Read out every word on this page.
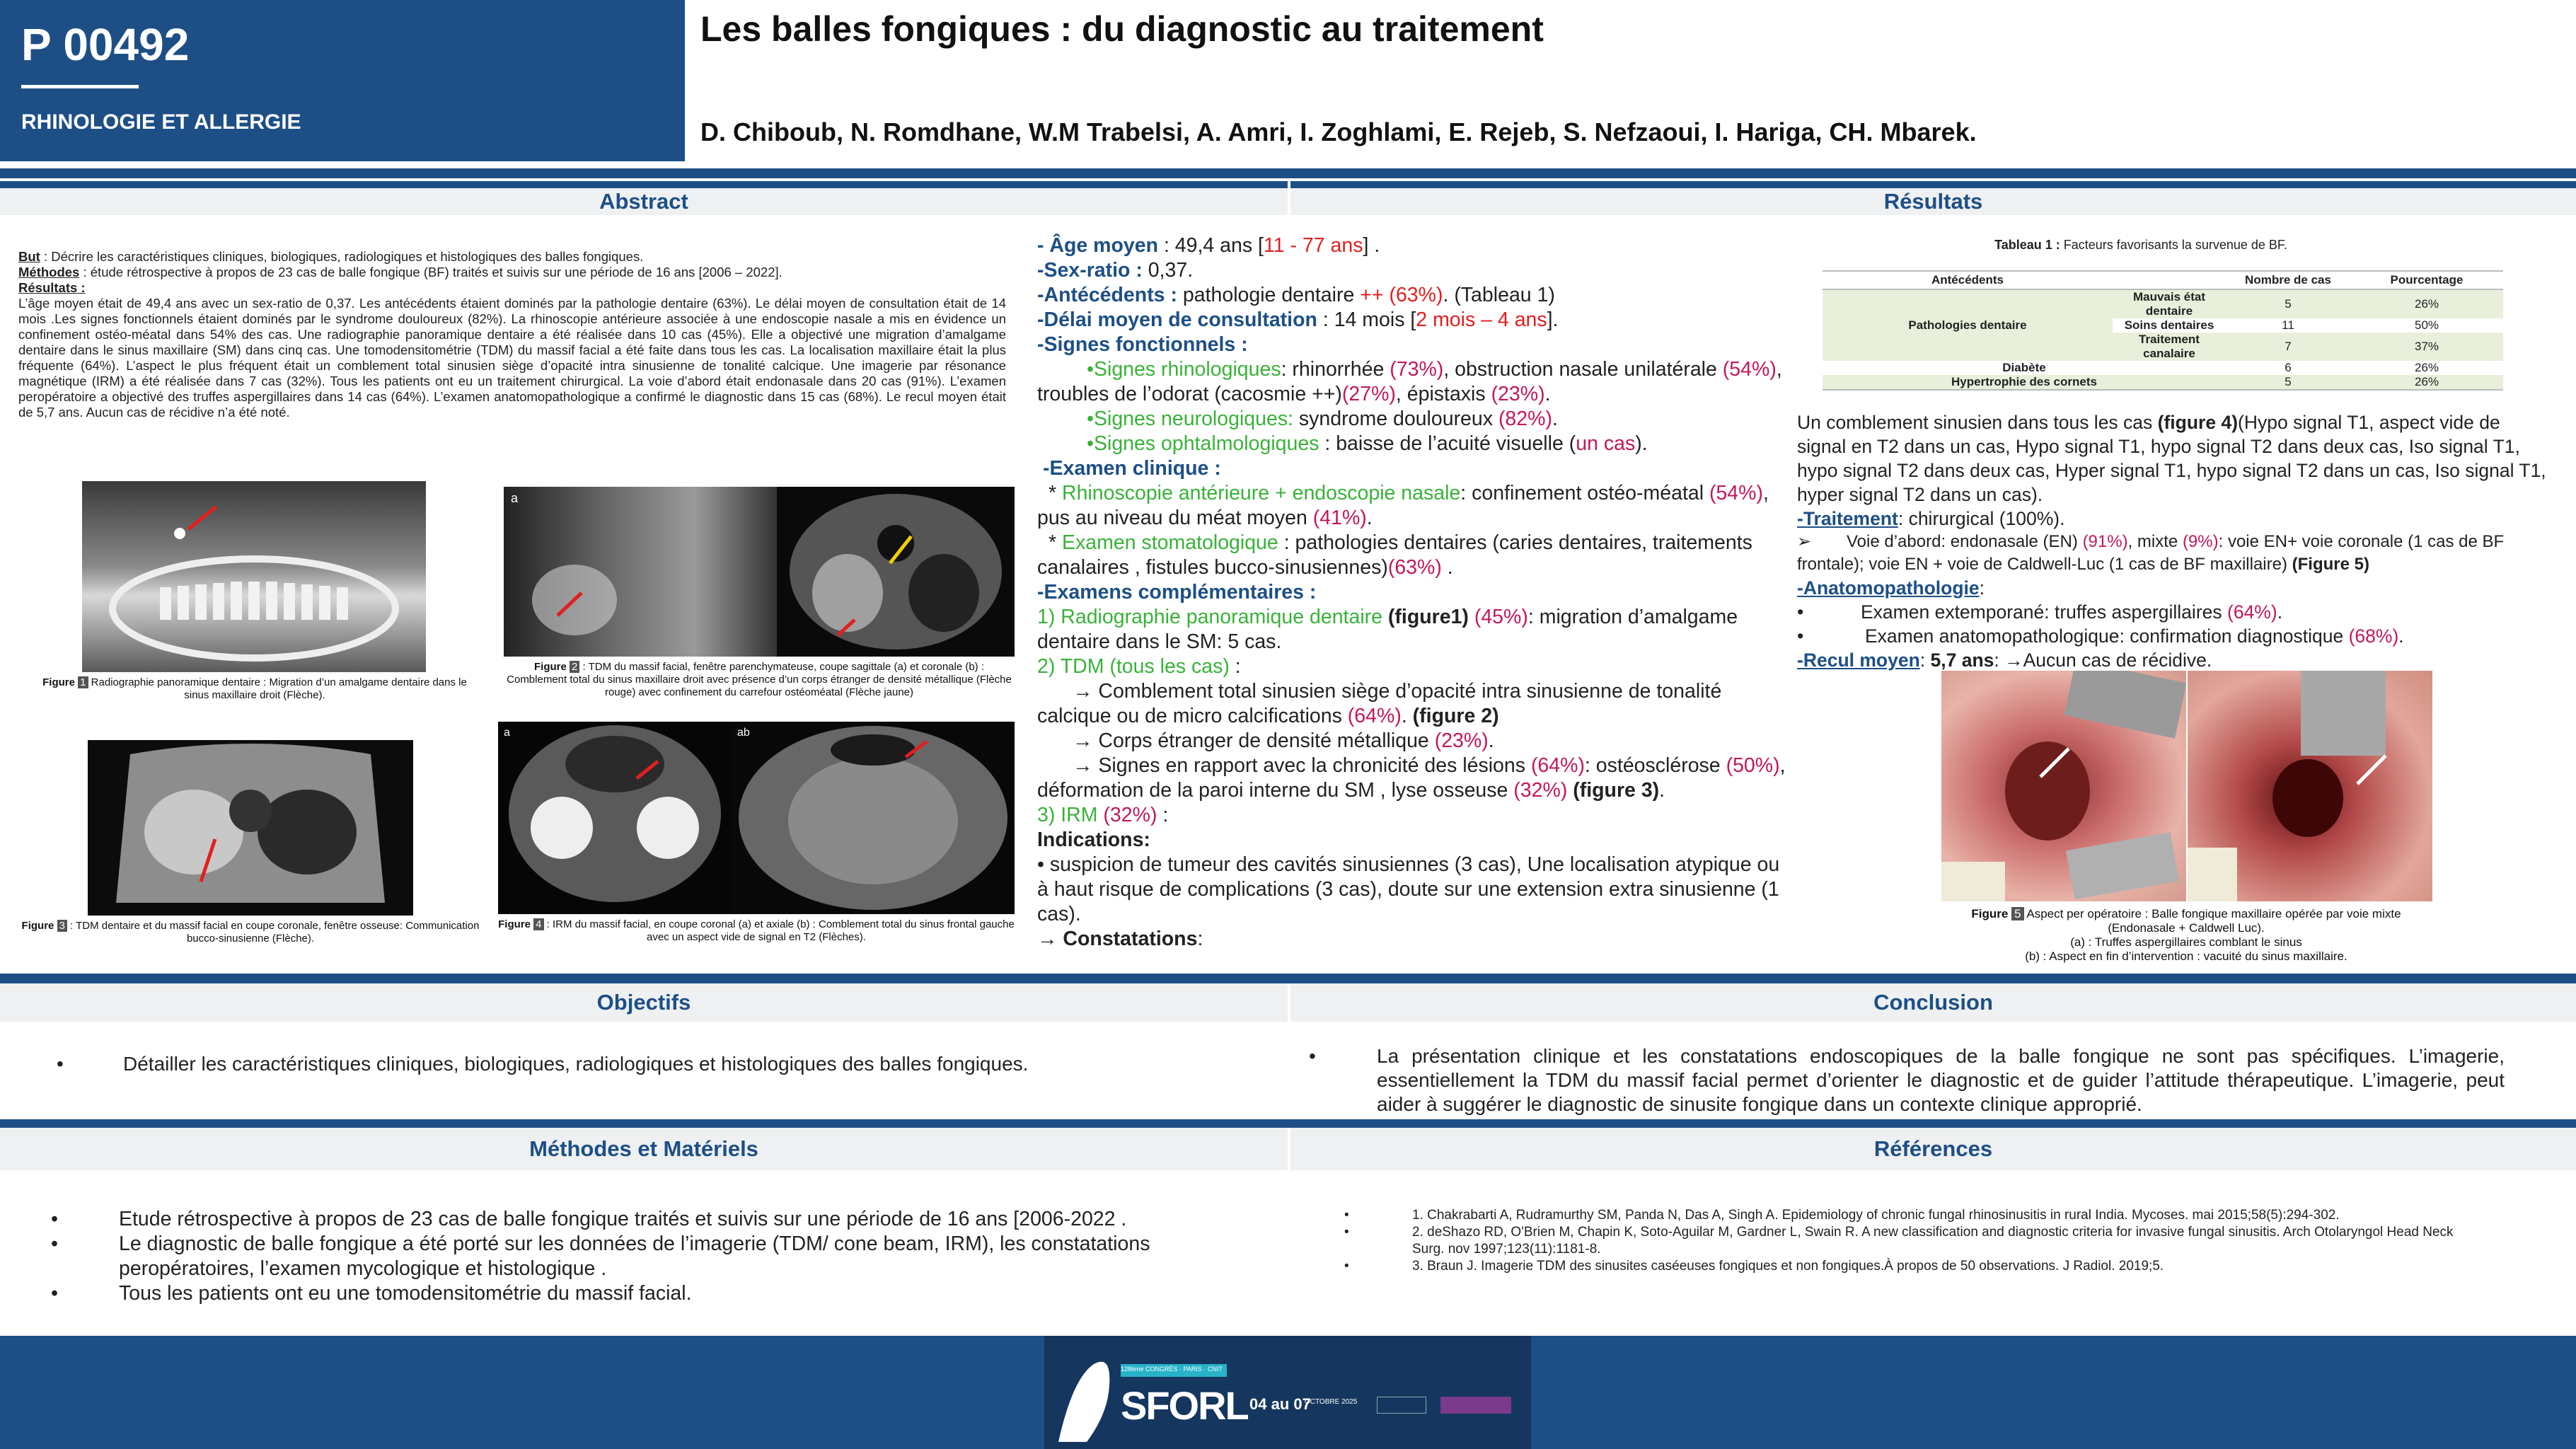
P 00492
RHINOLOGIE ET ALLERGIE
Les balles fongiques : du diagnostic au traitement
D. Chiboub, N. Romdhane, W.M Trabelsi, A. Amri, I. Zoghlami, E. Rejeb, S. Nefzaoui, I. Hariga, CH. Mbarek.
Abstract	Résultats
But : Décrire les caractéristiques cliniques, biologiques, radiologiques et histologiques des balles fongiques.
Méthodes : étude rétrospective à propos de 23 cas de balle fongique (BF) traités et suivis sur une période de 16 ans [2006 – 2022].
Résultats :
L’âge moyen était de 49,4 ans avec un sex-ratio de 0,37. Les antécédents étaient dominés par la pathologie dentaire (63%). Le délai moyen de consultation était de 14 mois .Les signes fonctionnels étaient dominés par le syndrome douloureux (82%). La rhinoscopie antérieure associée à une endoscopie nasale a mis en évidence un confinement ostéo-méatal dans 54% des cas. Une radiographie panoramique dentaire a été réalisée dans 10 cas (45%). Elle a objectivé une migration d’amalgame dentaire dans le sinus maxillaire (SM) dans cinq cas. Une tomodensitométrie (TDM) du massif facial a été faite dans tous les cas. La localisation maxillaire était la plus fréquente (64%). L’aspect le plus fréquent était un comblement total sinusien siège d’opacité intra sinusienne de tonalité calcique. Une imagerie par résonance magnétique (IRM) a été réalisée dans 7 cas (32%). Tous les patients ont eu un traitement chirurgical. La voie d’abord était endonasale dans 20 cas (91%). L’examen peropératoire a objectivé des truffes aspergillaires dans 14 cas (64%). L’examen anatomopathologique a confirmé le diagnostic dans 15 cas (68%). Le recul moyen était de 5,7 ans. Aucun cas de récidive n’a été noté.
Figure 1 Radiographie panoramique dentaire : Migration d’un amalgame dentaire dans le sinus maxillaire droit (Flèche).
a
Figure 2 : TDM du massif facial, fenêtre parenchymateuse, coupe sagittale (a) et coronale (b) : Comblement total du sinus maxillaire droit avec présence d’un corps étranger de densité métallique (Flèche rouge) avec confinement du carrefour ostéoméatal (Flèche jaune)
Figure 3 : TDM dentaire et du massif facial en coupe coronale, fenêtre osseuse: Communication bucco-sinusienne (Flèche).
a	ab
Figure 4 : IRM du massif facial, en coupe coronal (a) et axiale (b) : Comblement total du sinus frontal gauche avec un aspect vide de signal en T2 (Flèches).

- Âge moyen : 49,4 ans [11 - 77 ans] .

-Sex-ratio : 0,37.

-Antécédents : pathologie dentaire ++ (63%). (Tableau 1)

-Délai moyen de consultation : 14 mois [2 mois – 4 ans].

-Signes fonctionnels :

•Signes rhinologiques: rhinorrhée (73%), obstruction nasale unilatérale (54%), troubles de l’odorat (cacosmie ++)(27%), épistaxis (23%).

•Signes neurologiques: syndrome douloureux (82%).

•Signes ophtalmologiques : baisse de l’acuité visuelle (un cas).

-Examen clinique :

* Rhinoscopie antérieure + endoscopie nasale: confinement ostéo-méatal (54%), pus au niveau du méat moyen (41%).

* Examen stomatologique : pathologies dentaires (caries dentaires, traitements canalaires , fistules bucco-sinusiennes)(63%) .

-Examens complémentaires :

1) Radiographie panoramique dentaire (figure1) (45%): migration d’amalgame dentaire dans le SM: 5 cas.

2) TDM (tous les cas) :

→ Comblement total sinusien siège d’opacité intra sinusienne de tonalité calcique ou de micro calcifications (64%). (figure 2)

→ Corps étranger de densité métallique (23%).

→ Signes en rapport avec la chronicité des lésions (64%): ostéosclérose (50%), déformation de la paroi interne du SM , lyse osseuse (32%) (figure 3).

3) IRM (32%) :

Indications:

• suspicion de tumeur des cavités sinusiennes (3 cas), Une localisation atypique ou à haut risque de complications (3 cas), doute sur une extension extra sinusienne (1 cas).

→ Constatations:

Tableau 1 : Facteurs favorisants la survenue de BF.
Antécédents		Nombre de cas	Pourcentage
Pathologies dentaire	Mauvais état dentaire	5	26%
	Soins dentaires	11	50%
	Traitement canalaire	7	37%
Diabète		6	26%
Hypertrophie des cornets		5	26%

Un comblement sinusien dans tous les cas (figure 4)(Hypo signal T1, aspect vide de signal en T2 dans un cas, Hypo signal T1, hypo signal T2 dans deux cas, Iso signal T1, hypo signal T2 dans deux cas, Hyper signal T1, hypo signal T2 dans un cas, Iso signal T1, hyper signal T2 dans un cas).

-Traitement: chirurgical (100%).

➢ Voie d’abord: endonasale (EN) (91%), mixte (9%): voie EN+ voie coronale (1 cas de BF frontale); voie EN + voie de Caldwell-Luc (1 cas de BF maxillaire) (Figure 5)

-Anatomopathologie:

•	Examen extemporané: truffes aspergillaires (64%).

•	Examen anatomopathologique: confirmation diagnostique (68%).

-Recul moyen: 5,7 ans: →Aucun cas de récidive.

Figure 5 Aspect per opératoire : Balle fongique maxillaire opérée par voie mixte
(Endonasale + Caldwell Luc).
(a) : Truffes aspergillaires comblant le sinus
(b) : Aspect en fin d’intervention : vacuité du sinus maxillaire.
Objectifs	Conclusion
•	Détailler les caractéristiques cliniques, biologiques, radiologiques et histologiques des balles fongiques.	•	La présentation clinique et les constatations endoscopiques de la balle fongique ne sont pas spécifiques. L’imagerie, essentiellement la TDM du massif facial permet d’orienter le diagnostic et de guider l’attitude thérapeutique. L’imagerie, peut aider à suggérer le diagnostic de sinusite fongique dans un contexte clinique approprié.
Méthodes et Matériels	Références
•	Etude rétrospective à propos de 23 cas de balle fongique traités et suivis sur une période de 16 ans [2006-2022 .
•	Le diagnostic de balle fongique a été porté sur les données de l’imagerie (TDM/ cone beam, IRM), les constatations peropératoires, l’examen mycologique et histologique .
•	Tous les patients ont eu une tomodensitométrie du massif facial.
•	1. Chakrabarti A, Rudramurthy SM, Panda N, Das A, Singh A. Epidemiology of chronic fungal rhinosinusitis in rural India. Mycoses. mai 2015;58(5):294-302.
•	2. deShazo RD, O'Brien M, Chapin K, Soto-Aguilar M, Gardner L, Swain R. A new classification and diagnostic criteria for invasive fungal sinusitis. Arch Otolaryngol Head Neck Surg. nov 1997;123(11):1181-8.
•	3. Braun J. Imagerie TDM des sinusites caséeuses fongiques et non fongiques.À propos de 50 observations. J Radiol. 2019;5.
128ème CONGRÈS · PARIS · CNIT
SFORL 04 au 07
OCTOBRE 2025
